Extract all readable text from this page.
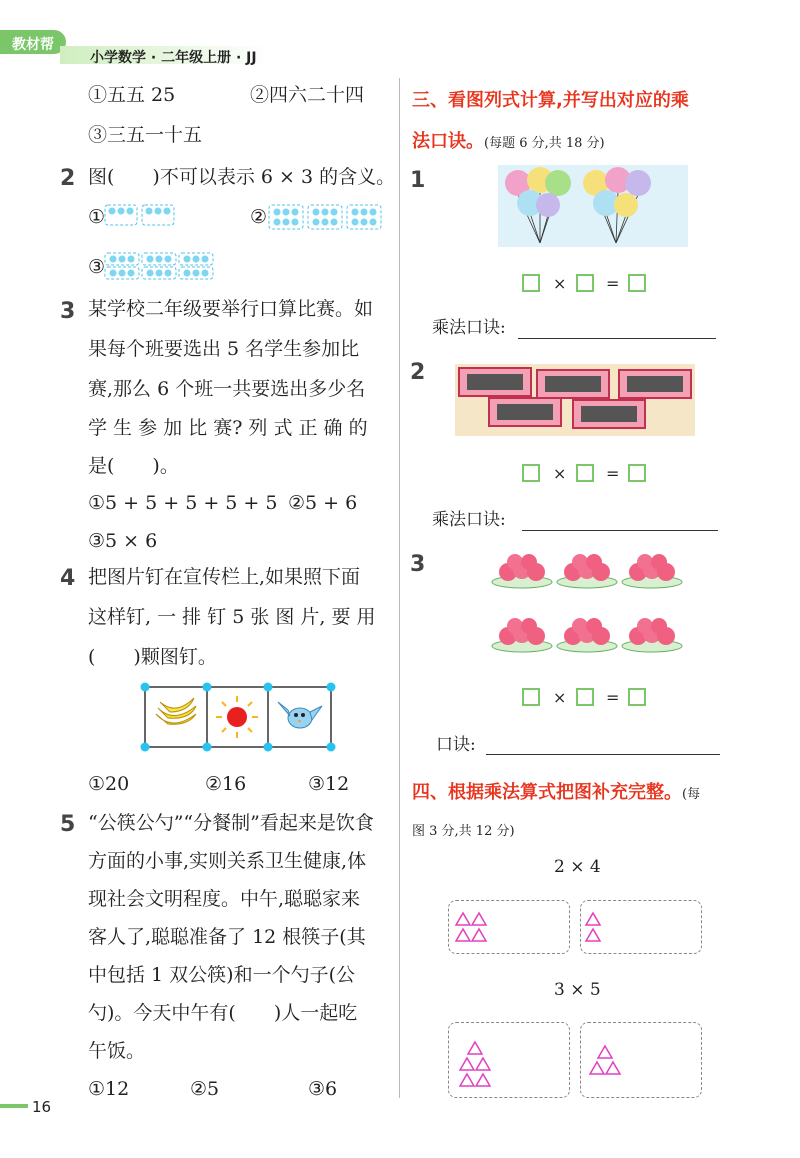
教材帮
小学数学 · 二年级上册 · JJ
①五五 25	②四六二十四
③三五一十五
2 图(　　)不可以表示 6 × 3 的含义。
①	②
③
3 某学校二年级要举行口算比赛。如
果每个班要选出 5 名学生参加比
赛,那么 6 个班一共要选出多少名
学 生 参 加 比 赛? 列 式 正 确 的
是(　　)。
①5 + 5 + 5 + 5 + 5 ②5 + 6
③5 × 6
4 把图片钉在宣传栏上,如果照下面
这样钉, 一 排 钉 5 张 图 片, 要 用
(　　)颗图钉。
①20	②16	③12
5 “公筷公勺”“分餐制”看起来是饮食
方面的小事,实则关系卫生健康,体
现社会文明程度。中午,聪聪家来
客人了,聪聪准备了 12 根筷子(其
中包括 1 双公筷)和一个勺子(公
勺)。今天中午有(　　)人一起吃
午饭。
①12	②5	③6
16
三、看图列式计算,并写出对应的乘
法口诀。(每题 6 分,共 18 分)
1
× =
乘法口诀:
2
× =
乘法口诀:
3
× =
口诀:
四、根据乘法算式把图补充完整。(每
图 3 分,共 12 分)
2 × 4
3 × 5
